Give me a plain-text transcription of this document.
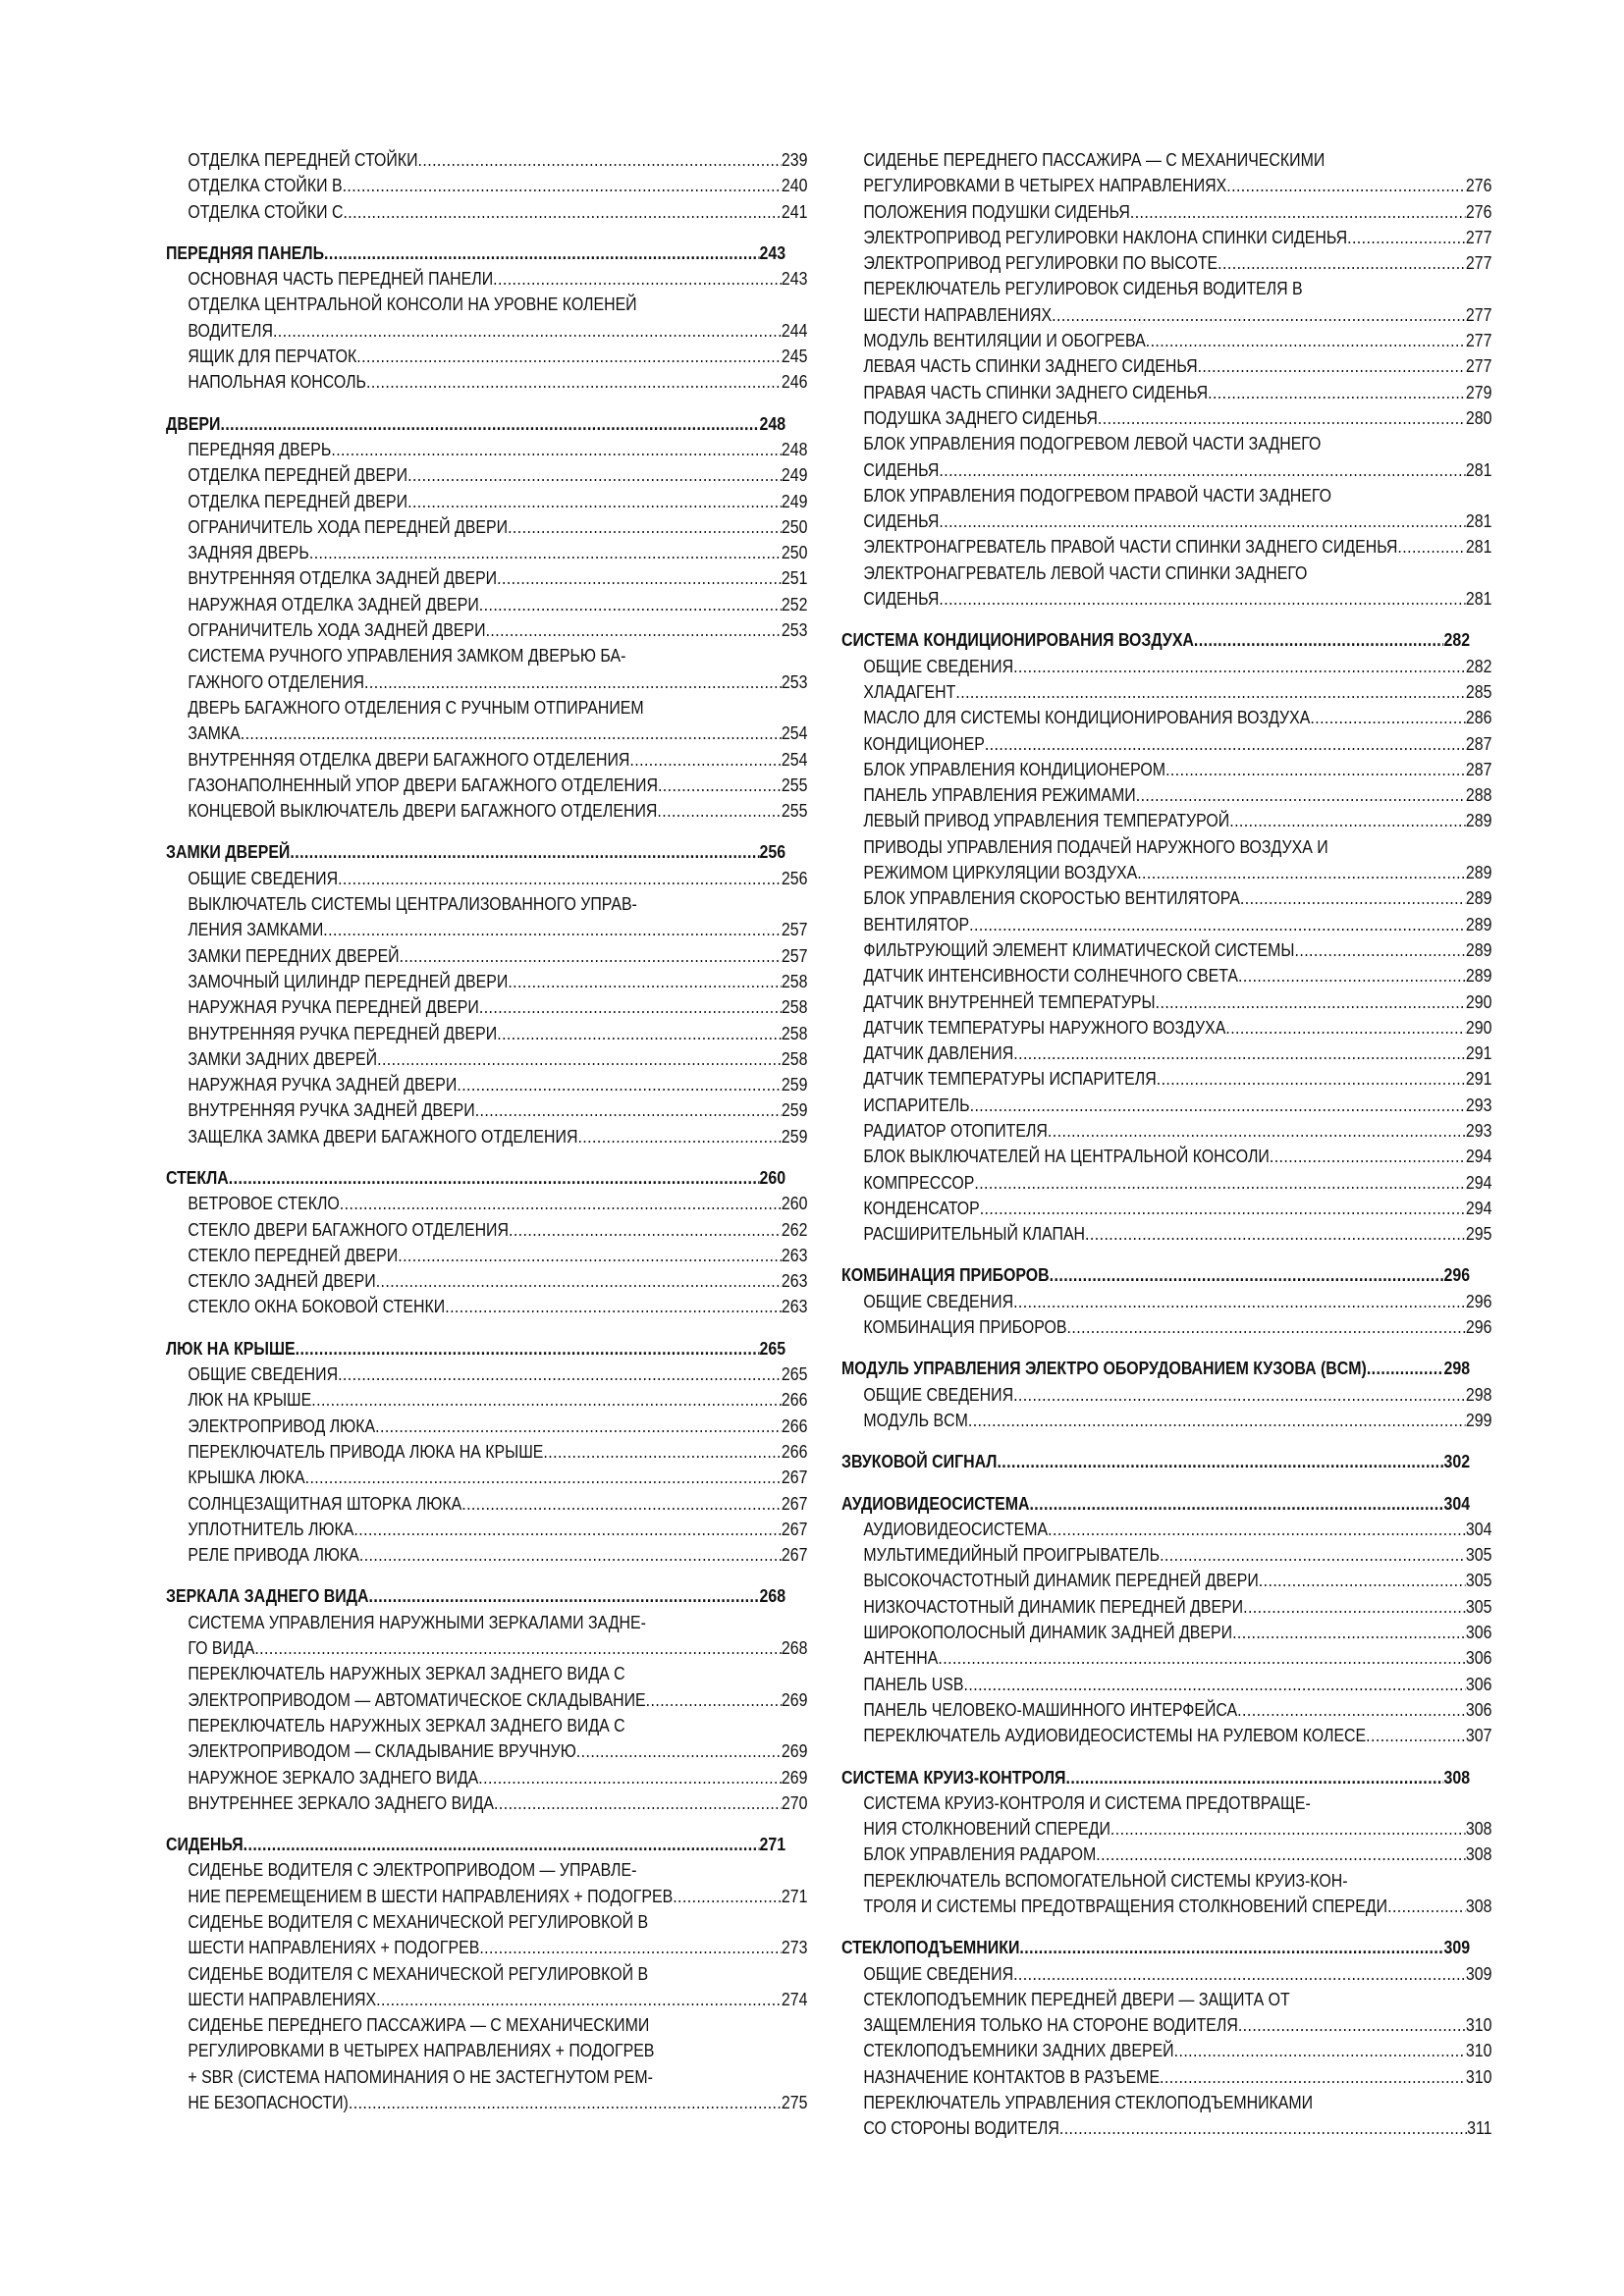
ОТДЕЛКА ПЕРЕДНЕЙ СТОЙКИ .....	239
ОТДЕЛКА СТОЙКИ В .....	240
ОТДЕЛКА СТОЙКИ С .....	241
ПЕРЕДНЯЯ ПАНЕЛЬ .....	243
ОСНОВНАЯ ЧАСТЬ ПЕРЕДНЕЙ ПАНЕЛИ .....	243
ОТДЕЛКА ЦЕНТРАЛЬНОЙ КОНСОЛИ НА УРОВНЕ КОЛЕНЕЙ
ВОДИТЕЛЯ .....	244
ЯЩИК ДЛЯ ПЕРЧАТОК .....	245
НАПОЛЬНАЯ КОНСОЛЬ .....	246
ДВЕРИ .....	248
ПЕРЕДНЯЯ ДВЕРЬ .....	248
ОТДЕЛКА ПЕРЕДНЕЙ ДВЕРИ .....	249
ОТДЕЛКА ПЕРЕДНЕЙ ДВЕРИ .....	249
ОГРАНИЧИТЕЛЬ ХОДА ПЕРЕДНЕЙ ДВЕРИ .....	250
ЗАДНЯЯ ДВЕРЬ .....	250
ВНУТРЕННЯЯ ОТДЕЛКА ЗАДНЕЙ ДВЕРИ .....	251
НАРУЖНАЯ ОТДЕЛКА ЗАДНЕЙ ДВЕРИ .....	252
ОГРАНИЧИТЕЛЬ ХОДА ЗАДНЕЙ ДВЕРИ .....	253
СИСТЕМА РУЧНОГО УПРАВЛЕНИЯ ЗАМКОМ ДВЕРЬЮ БА-
ГАЖНОГО ОТДЕЛЕНИЯ .....	253
ДВЕРЬ БАГАЖНОГО ОТДЕЛЕНИЯ С РУЧНЫМ ОТПИРАНИЕМ
ЗАМКА .....	254
ВНУТРЕННЯЯ ОТДЕЛКА ДВЕРИ БАГАЖНОГО ОТДЕЛЕНИЯ .....	254
ГАЗОНАПОЛНЕННЫЙ УПОР ДВЕРИ БАГАЖНОГО ОТДЕЛЕНИЯ .....	255
КОНЦЕВОЙ ВЫКЛЮЧАТЕЛЬ ДВЕРИ БАГАЖНОГО ОТДЕЛЕНИЯ .....	255
ЗАМКИ ДВЕРЕЙ .....	256
ОБЩИЕ СВЕДЕНИЯ .....	256
ВЫКЛЮЧАТЕЛЬ СИСТЕМЫ ЦЕНТРАЛИЗОВАННОГО УПРАВ-
ЛЕНИЯ ЗАМКАМИ .....	257
ЗАМКИ ПЕРЕДНИХ ДВЕРЕЙ .....	257
ЗАМОЧНЫЙ ЦИЛИНДР ПЕРЕДНЕЙ ДВЕРИ .....	258
НАРУЖНАЯ РУЧКА ПЕРЕДНЕЙ ДВЕРИ .....	258
ВНУТРЕННЯЯ РУЧКА ПЕРЕДНЕЙ ДВЕРИ .....	258
ЗАМКИ ЗАДНИХ ДВЕРЕЙ .....	258
НАРУЖНАЯ РУЧКА ЗАДНЕЙ ДВЕРИ .....	259
ВНУТРЕННЯЯ РУЧКА ЗАДНЕЙ ДВЕРИ .....	259
ЗАЩЕЛКА ЗАМКА ДВЕРИ БАГАЖНОГО ОТДЕЛЕНИЯ .....	259
СТЕКЛА .....	260
ВЕТРОВОЕ СТЕКЛО .....	260
СТЕКЛО ДВЕРИ БАГАЖНОГО ОТДЕЛЕНИЯ .....	262
СТЕКЛО ПЕРЕДНЕЙ ДВЕРИ .....	263
СТЕКЛО ЗАДНЕЙ ДВЕРИ .....	263
СТЕКЛО ОКНА БОКОВОЙ СТЕНКИ .....	263
ЛЮК НА КРЫШЕ .....	265
ОБЩИЕ СВЕДЕНИЯ .....	265
ЛЮК НА КРЫШЕ .....	266
ЭЛЕКТРОПРИВОД ЛЮКА .....	266
ПЕРЕКЛЮЧАТЕЛЬ ПРИВОДА ЛЮКА НА КРЫШЕ .....	266
КРЫШКА ЛЮКА .....	267
СОЛНЦЕЗАЩИТНАЯ ШТОРКА ЛЮКА .....	267
УПЛОТНИТЕЛЬ ЛЮКА .....	267
РЕЛЕ ПРИВОДА ЛЮКА .....	267
ЗЕРКАЛА ЗАДНЕГО ВИДА .....	268
СИСТЕМА УПРАВЛЕНИЯ НАРУЖНЫМИ ЗЕРКАЛАМИ ЗАДНЕ-
ГО ВИДА .....	268
ПЕРЕКЛЮЧАТЕЛЬ НАРУЖНЫХ ЗЕРКАЛ ЗАДНЕГО ВИДА С
ЭЛЕКТРОПРИВОДОМ — АВТОМАТИЧЕСКОЕ СКЛАДЫВАНИЕ .....	269
ПЕРЕКЛЮЧАТЕЛЬ НАРУЖНЫХ ЗЕРКАЛ ЗАДНЕГО ВИДА С
ЭЛЕКТРОПРИВОДОМ — СКЛАДЫВАНИЕ ВРУЧНУЮ .....	269
НАРУЖНОЕ ЗЕРКАЛО ЗАДНЕГО ВИДА .....	269
ВНУТРЕННЕЕ ЗЕРКАЛО ЗАДНЕГО ВИДА .....	270
СИДЕНЬЯ .....	271
СИДЕНЬЕ ВОДИТЕЛЯ С ЭЛЕКТРОПРИВОДОМ — УПРАВЛЕ-
НИЕ ПЕРЕМЕЩЕНИЕМ В ШЕСТИ НАПРАВЛЕНИЯХ + ПОДОГРЕВ .....	271
СИДЕНЬЕ ВОДИТЕЛЯ С МЕХАНИЧЕСКОЙ РЕГУЛИРОВКОЙ В
ШЕСТИ НАПРАВЛЕНИЯХ + ПОДОГРЕВ .....	273
СИДЕНЬЕ ВОДИТЕЛЯ С МЕХАНИЧЕСКОЙ РЕГУЛИРОВКОЙ В
ШЕСТИ НАПРАВЛЕНИЯХ .....	274
СИДЕНЬЕ ПЕРЕДНЕГО ПАССАЖИРА — С МЕХАНИЧЕСКИМИ
РЕГУЛИРОВКАМИ В ЧЕТЫРЕХ НАПРАВЛЕНИЯХ + ПОДОГРЕВ
+ SBR (СИСТЕМА НАПОМИНАНИЯ О НЕ ЗАСТЕГНУТОМ РЕМ-
НЕ БЕЗОПАСНОСТИ) .....	275
СИДЕНЬЕ ПЕРЕДНЕГО ПАССАЖИРА — С МЕХАНИЧЕСКИМИ
РЕГУЛИРОВКАМИ В ЧЕТЫРЕХ НАПРАВЛЕНИЯХ .....	276
ПОЛОЖЕНИЯ ПОДУШКИ СИДЕНЬЯ .....	276
ЭЛЕКТРОПРИВОД РЕГУЛИРОВКИ НАКЛОНА СПИНКИ СИДЕНЬЯ .....	277
ЭЛЕКТРОПРИВОД РЕГУЛИРОВКИ ПО ВЫСОТЕ .....	277
ПЕРЕКЛЮЧАТЕЛЬ РЕГУЛИРОВОК СИДЕНЬЯ ВОДИТЕЛЯ В
ШЕСТИ НАПРАВЛЕНИЯХ .....	277
МОДУЛЬ ВЕНТИЛЯЦИИ И ОБОГРЕВА .....	277
ЛЕВАЯ ЧАСТЬ СПИНКИ ЗАДНЕГО СИДЕНЬЯ .....	277
ПРАВАЯ ЧАСТЬ СПИНКИ ЗАДНЕГО СИДЕНЬЯ .....	279
ПОДУШКА ЗАДНЕГО СИДЕНЬЯ .....	280
БЛОК УПРАВЛЕНИЯ ПОДОГРЕВОМ ЛЕВОЙ ЧАСТИ ЗАДНЕГО
СИДЕНЬЯ .....	281
БЛОК УПРАВЛЕНИЯ ПОДОГРЕВОМ ПРАВОЙ ЧАСТИ ЗАДНЕГО
СИДЕНЬЯ .....	281
ЭЛЕКТРОНАГРЕВАТЕЛЬ ПРАВОЙ ЧАСТИ СПИНКИ ЗАДНЕГО СИДЕНЬЯ .....	281
ЭЛЕКТРОНАГРЕВАТЕЛЬ ЛЕВОЙ ЧАСТИ СПИНКИ ЗАДНЕГО
СИДЕНЬЯ .....	281
СИСТЕМА КОНДИЦИОНИРОВАНИЯ ВОЗДУХА .....	282
ОБЩИЕ СВЕДЕНИЯ .....	282
ХЛАДАГЕНТ .....	285
МАСЛО ДЛЯ СИСТЕМЫ КОНДИЦИОНИРОВАНИЯ ВОЗДУХА .....	286
КОНДИЦИОНЕР .....	287
БЛОК УПРАВЛЕНИЯ КОНДИЦИОНЕРОМ .....	287
ПАНЕЛЬ УПРАВЛЕНИЯ РЕЖИМАМИ .....	288
ЛЕВЫЙ ПРИВОД УПРАВЛЕНИЯ ТЕМПЕРАТУРОЙ .....	289
ПРИВОДЫ УПРАВЛЕНИЯ ПОДАЧЕЙ НАРУЖНОГО ВОЗДУХА И
РЕЖИМОМ ЦИРКУЛЯЦИИ ВОЗДУХА .....	289
БЛОК УПРАВЛЕНИЯ СКОРОСТЬЮ ВЕНТИЛЯТОРА .....	289
ВЕНТИЛЯТОР .....	289
ФИЛЬТРУЮЩИЙ ЭЛЕМЕНТ КЛИМАТИЧЕСКОЙ СИСТЕМЫ .....	289
ДАТЧИК ИНТЕНСИВНОСТИ СОЛНЕЧНОГО СВЕТА .....	289
ДАТЧИК ВНУТРЕННЕЙ ТЕМПЕРАТУРЫ .....	290
ДАТЧИК ТЕМПЕРАТУРЫ НАРУЖНОГО ВОЗДУХА .....	290
ДАТЧИК ДАВЛЕНИЯ .....	291
ДАТЧИК ТЕМПЕРАТУРЫ ИСПАРИТЕЛЯ .....	291
ИСПАРИТЕЛЬ .....	293
РАДИАТОР ОТОПИТЕЛЯ .....	293
БЛОК ВЫКЛЮЧАТЕЛЕЙ НА ЦЕНТРАЛЬНОЙ КОНСОЛИ .....	294
КОМПРЕССОР .....	294
КОНДЕНСАТОР .....	294
РАСШИРИТЕЛЬНЫЙ КЛАПАН .....	295
КОМБИНАЦИЯ ПРИБОРОВ .....	296
ОБЩИЕ СВЕДЕНИЯ .....	296
КОМБИНАЦИЯ ПРИБОРОВ .....	296
МОДУЛЬ УПРАВЛЕНИЯ ЭЛЕКТРО ОБОРУДОВАНИЕМ КУЗОВА (BCM) .....	298
ОБЩИЕ СВЕДЕНИЯ .....	298
МОДУЛЬ BCM .....	299
ЗВУКОВОЙ СИГНАЛ .....	302
АУДИОВИДЕОСИСТЕМА .....	304
АУДИОВИДЕОСИСТЕМА .....	304
МУЛЬТИМЕДИЙНЫЙ ПРОИГРЫВАТЕЛЬ .....	305
ВЫСОКОЧАСТОТНЫЙ ДИНАМИК ПЕРЕДНЕЙ ДВЕРИ .....	305
НИЗКОЧАСТОТНЫЙ ДИНАМИК ПЕРЕДНЕЙ ДВЕРИ .....	305
ШИРОКОПОЛОСНЫЙ ДИНАМИК ЗАДНЕЙ ДВЕРИ .....	306
АНТЕННА .....	306
ПАНЕЛЬ USB .....	306
ПАНЕЛЬ ЧЕЛОВЕКО-МАШИННОГО ИНТЕРФЕЙСА .....	306
ПЕРЕКЛЮЧАТЕЛЬ АУДИОВИДЕОСИСТЕМЫ НА РУЛЕВОМ КОЛЕСЕ .....	307
СИСТЕМА КРУИЗ-КОНТРОЛЯ .....	308
СИСТЕМА КРУИЗ-КОНТРОЛЯ И СИСТЕМА ПРЕДОТВРАЩЕ-
НИЯ СТОЛКНОВЕНИЙ СПЕРЕДИ .....	308
БЛОК УПРАВЛЕНИЯ РАДАРОМ .....	308
ПЕРЕКЛЮЧАТЕЛЬ ВСПОМОГАТЕЛЬНОЙ СИСТЕМЫ КРУИЗ-КОН-
ТРОЛЯ И СИСТЕМЫ ПРЕДОТВРАЩЕНИЯ СТОЛКНОВЕНИЙ СПЕРЕДИ .....	308
СТЕКЛОПОДЪЕМНИКИ .....	309
ОБЩИЕ СВЕДЕНИЯ .....	309
СТЕКЛОПОДЪЕМНИК ПЕРЕДНЕЙ ДВЕРИ — ЗАЩИТА ОТ
ЗАЩЕМЛЕНИЯ ТОЛЬКО НА СТОРОНЕ ВОДИТЕЛЯ .....	310
СТЕКЛОПОДЪЕМНИКИ ЗАДНИХ ДВЕРЕЙ .....	310
НАЗНАЧЕНИЕ КОНТАКТОВ В РАЗЪЕМЕ .....	310
ПЕРЕКЛЮЧАТЕЛЬ УПРАВЛЕНИЯ СТЕКЛОПОДЪЕМНИКАМИ
СО СТОРОНЫ ВОДИТЕЛЯ .....	311
